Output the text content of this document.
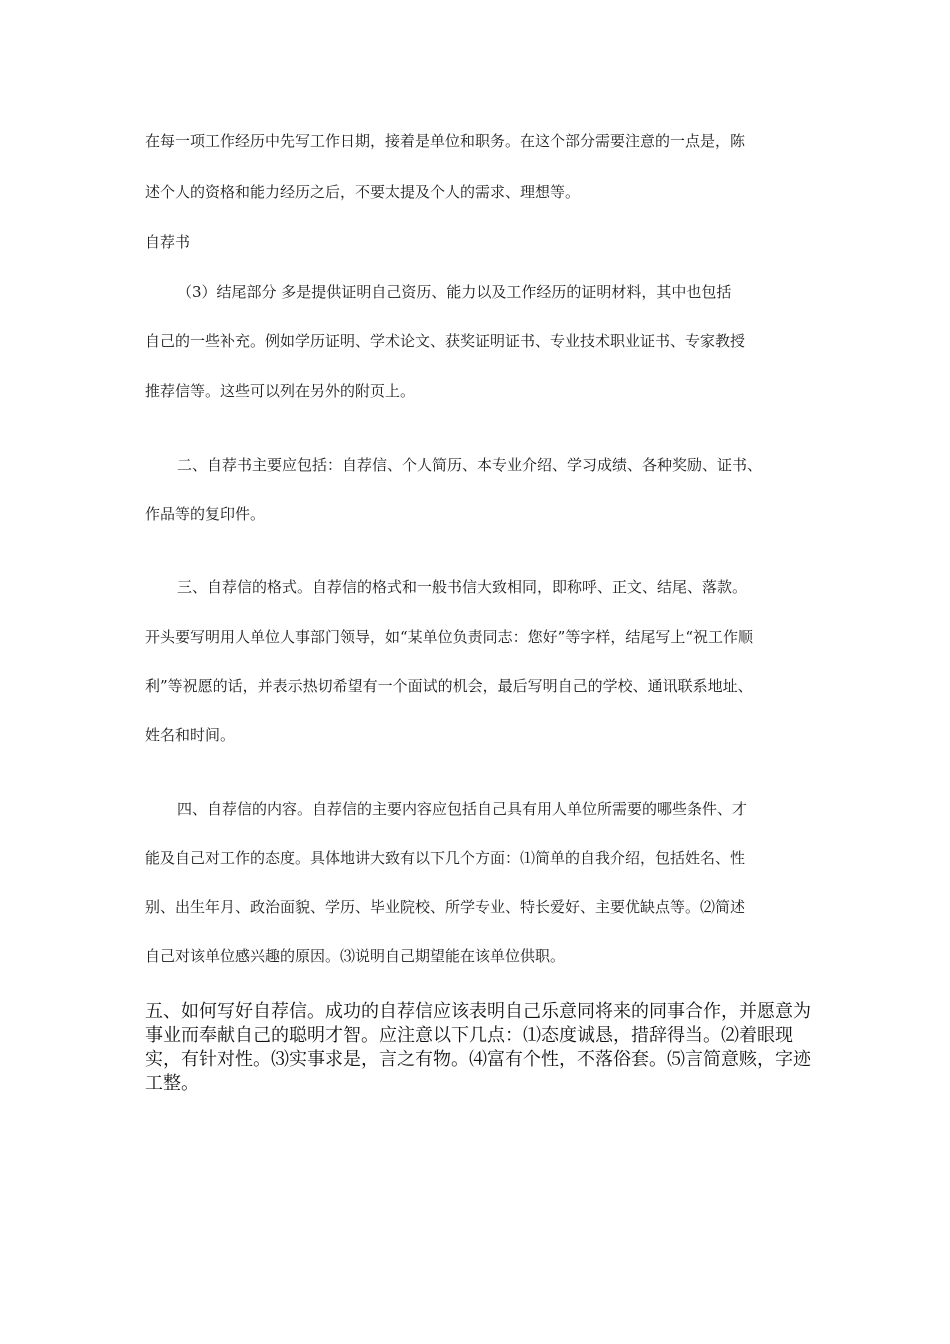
在每一项工作经历中先写工作日期，接着是单位和职务。在这个部分需要注意的一点是，陈
述个人的资格和能力经历之后，不要太提及个人的需求、理想等。
自荐书
（3）结尾部分 多是提供证明自己资历、能力以及工作经历的证明材料，其中也包括
自己的一些补充。例如学历证明、学术论文、获奖证明证书、专业技术职业证书、专家教授
推荐信等。这些可以列在另外的附页上。
二、自荐书主要应包括：自荐信、个人简历、本专业介绍、学习成绩、各种奖励、证书、
作品等的复印件。
三、自荐信的格式。自荐信的格式和一般书信大致相同，即称呼、正文、结尾、落款。
开头要写明用人单位人事部门领导，如“某单位负责同志：您好”等字样，结尾写上“祝工作顺
利”等祝愿的话，并表示热切希望有一个面试的机会，最后写明自己的学校、通讯联系地址、
姓名和时间。
四、自荐信的内容。自荐信的主要内容应包括自己具有用人单位所需要的哪些条件、才
能及自己对工作的态度。具体地讲大致有以下几个方面：⑴简单的自我介绍，包括姓名、性
别、出生年月、政治面貌、学历、毕业院校、所学专业、特长爱好、主要优缺点等。⑵简述
自己对该单位感兴趣的原因。⑶说明自己期望能在该单位供职。
五、如何写好自荐信。成功的自荐信应该表明自己乐意同将来的同事合作，并愿意为事业而奉献自己的聪明才智。应注意以下几点：⑴态度诚恳，措辞得当。⑵着眼现实，有针对性。⑶实事求是，言之有物。⑷富有个性，不落俗套。⑸言简意赅，字迹工整。
